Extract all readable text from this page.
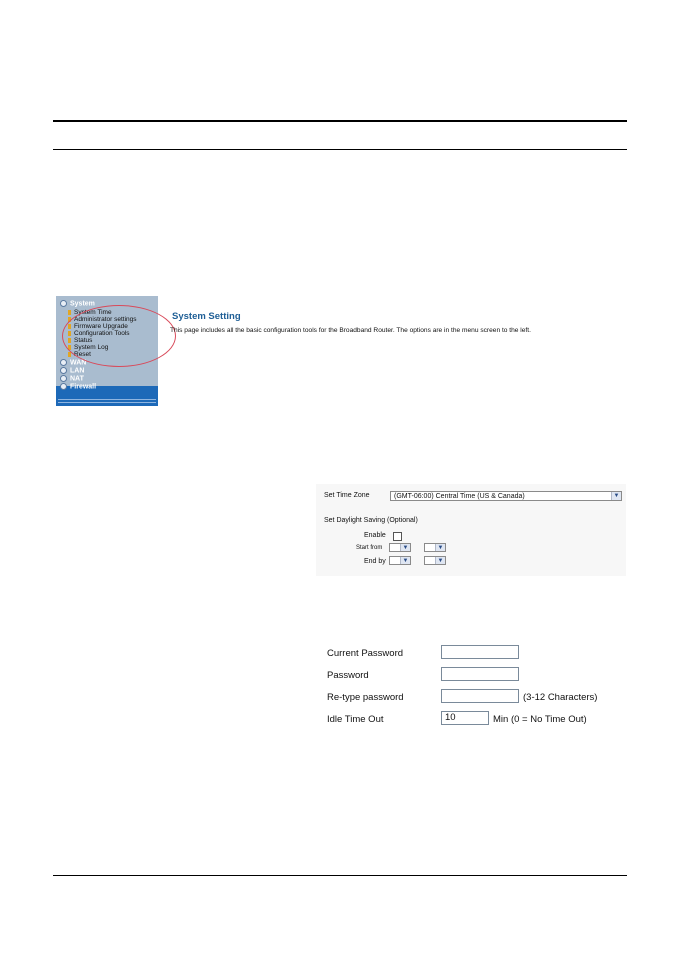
System
System Time
Administrator settings
Firmware Upgrade
Configuration Tools
Status
System Log
Reset
WAN
LAN
NAT
Firewall
System Setting
This page includes all the basic configuration tools for the Broadband Router. The options are in the menu screen to the left.
Set Time Zone	(GMT-06:00) Central Time (US & Canada)	▼
Set Daylight Saving (Optional)
Enable
Start from	▼	▼
End by	▼	▼
Current Password
Password
Re-type password	(3-12 Characters)
Idle Time Out	10	Min (0 = No Time Out)
